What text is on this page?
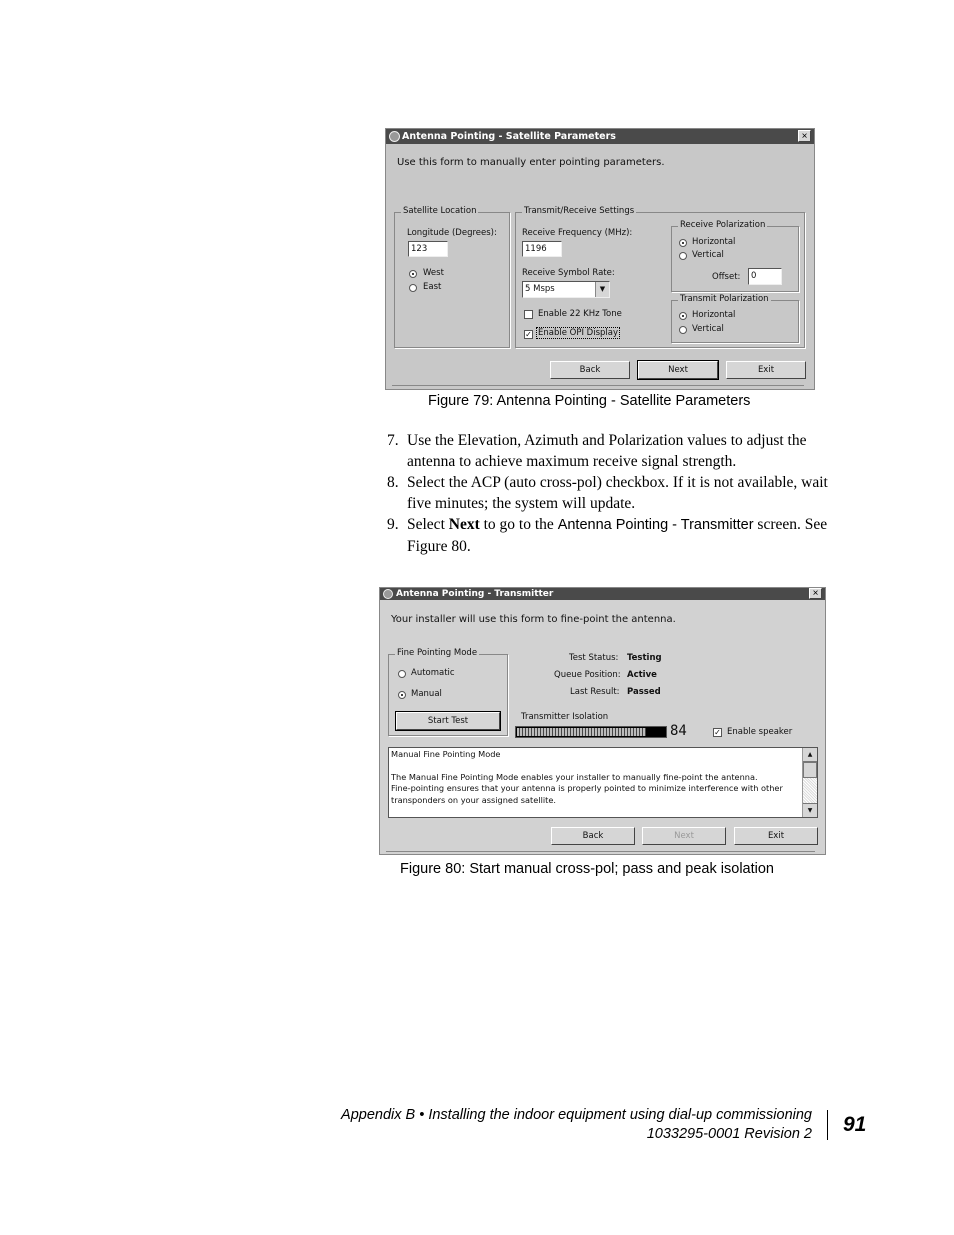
Antenna Pointing - Satellite Parameters	×
Use this form to manually enter pointing parameters.
Satellite Location
Longitude (Degrees):
123
West
East
Transmit/Receive Settings
Receive Frequency (MHz):
1196
Receive Symbol Rate:
5 Msps	▼
Enable 22 KHz Tone
✓ Enable OPI Display
Receive Polarization
Horizontal
Vertical
Offset:	0
Transmit Polarization
Horizontal
Vertical
Back	Next	Exit
Figure 79: Antenna Pointing - Satellite Parameters
7. Use the Elevation, Azimuth and Polarization values to adjust the antenna to achieve maximum receive signal strength.
8. Select the ACP (auto cross-pol) checkbox. If it is not available, wait five minutes; the system will update.
9. Select Next to go to the Antenna Pointing - Transmitter screen. See Figure 80.
Antenna Pointing - Transmitter	×
Your installer will use this form to fine-point the antenna.
Fine Pointing Mode
Automatic
Manual
Start Test
Test Status: Testing
Queue Position: Active
Last Result: Passed
Transmitter Isolation
84	✓ Enable speaker
Manual Fine Pointing Mode
The Manual Fine Pointing Mode enables your installer to manually fine-point the antenna.
Fine-pointing ensures that your antenna is properly pointed to minimize interference with other
transponders on your assigned satellite.
▲
▼
Back	Next	Exit
Figure 80: Start manual cross-pol; pass and peak isolation
Appendix B • Installing the indoor equipment using dial-up commissioning
1033295-0001 Revision 2 91
